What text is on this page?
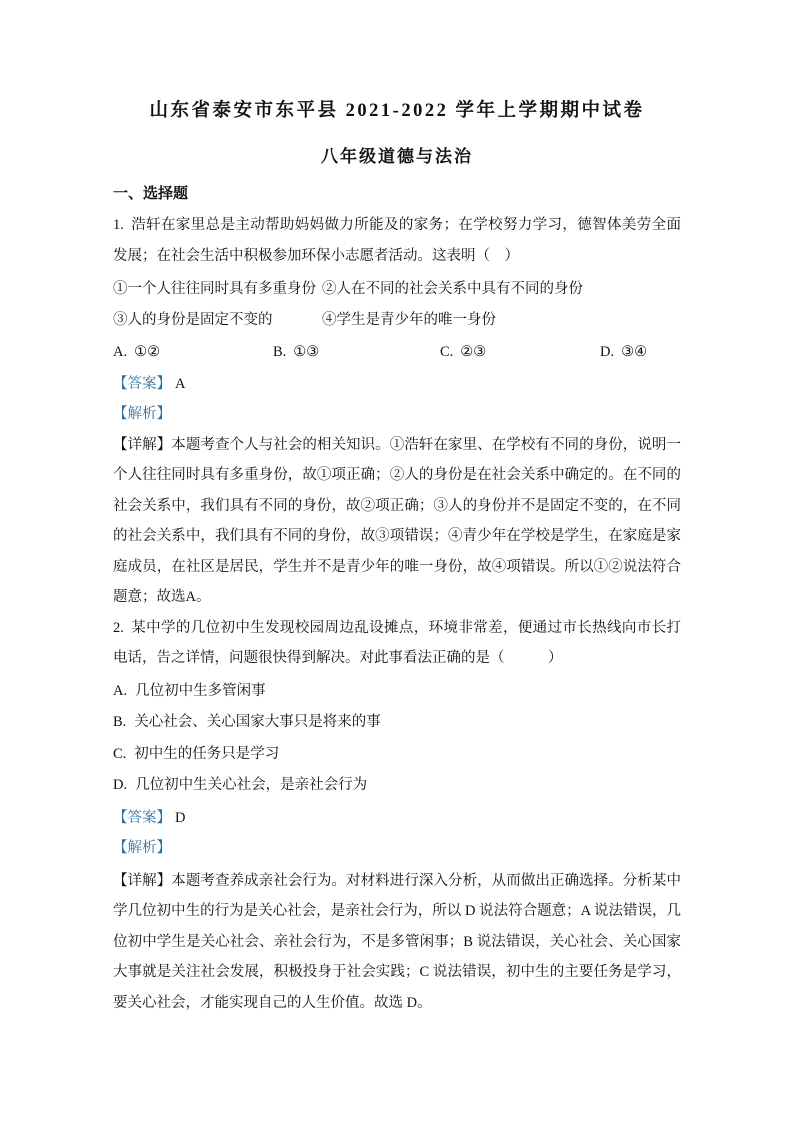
山东省泰安市东平县 2021-2022 学年上学期期中试卷
八年级道德与法治
一、选择题

1. 浩轩在家里总是主动帮助妈妈做力所能及的家务；在学校努力学习，德智体美劳全面发展；在社会生活中积极参加环保小志愿者活动。这表明（　）

①一个人往往同时具有多重身份 ②人在不同的社会关系中具有不同的身份
③人的身份是固定不变的	④学生是青少年的唯一身份
A. ①②	B. ①③	C. ②③	D. ③④

【答案】 A

【解析】

【详解】本题考查个人与社会的相关知识。①浩轩在家里、在学校有不同的身份，说明一个人往往同时具有多重身份，故①项正确；②人的身份是在社会关系中确定的。在不同的社会关系中，我们具有不同的身份，故②项正确；③人的身份并不是固定不变的，在不同的社会关系中，我们具有不同的身份，故③项错误；④青少年在学校是学生，在家庭是家庭成员，在社区是居民，学生并不是青少年的唯一身份，故④项错误。所以①②说法符合题意；故选A。

2. 某中学的几位初中生发现校园周边乱设摊点，环境非常差，便通过市长热线向市长打电话，告之详情，问题很快得到解决。对此事看法正确的是（　　　）

A. 几位初中生多管闲事

B. 关心社会、关心国家大事只是将来的事

C. 初中生的任务只是学习

D. 几位初中生关心社会，是亲社会行为

【答案】 D

【解析】

【详解】本题考查养成亲社会行为。对材料进行深入分析，从而做出正确选择。分析某中学几位初中生的行为是关心社会，是亲社会行为，所以 D 说法符合题意；A 说法错误，几位初中学生是关心社会、亲社会行为，不是多管闲事；B 说法错误，关心社会、关心国家大事就是关注社会发展，积极投身于社会实践；C 说法错误，初中生的主要任务是学习，要关心社会，才能实现自己的人生价值。故选 D。
